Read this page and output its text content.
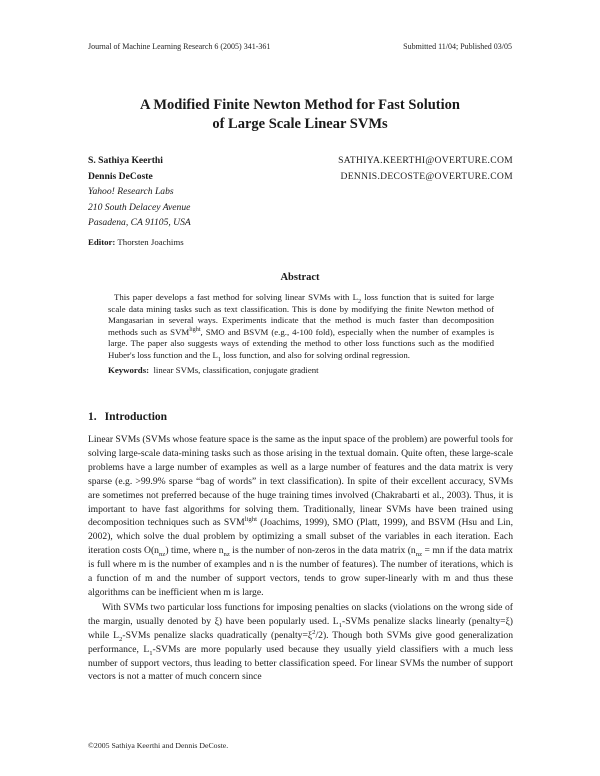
Journal of Machine Learning Research 6 (2005) 341-361	Submitted 11/04; Published 03/05
A Modified Finite Newton Method for Fast Solution
of Large Scale Linear SVMs
S. Sathiya Keerthi	SATHIYA.KEERTHI@OVERTURE.COM
Dennis DeCoste	DENNIS.DECOSTE@OVERTURE.COM
Yahoo! Research Labs
210 South Delacey Avenue
Pasadena, CA 91105, USA
Editor: Thorsten Joachims
Abstract

This paper develops a fast method for solving linear SVMs with $L_2$ loss function that is suited for large scale data mining tasks such as text classification. This is done by modifying the finite Newton method of Mangasarian in several ways. Experiments indicate that the method is much faster than decomposition methods such as $SVM^{light}$, SMO and BSVM (e.g., 4-100 fold), especially when the number of examples is large. The paper also suggests ways of extending the method to other loss functions such as the modified Huber's loss function and the $L_1$ loss function, and also for solving ordinal regression.

Keywords: linear SVMs, classification, conjugate gradient

1. Introduction

Linear SVMs (SVMs whose feature space is the same as the input space of the problem) are powerful tools for solving large-scale data-mining tasks such as those arising in the textual domain. Quite often, these large-scale problems have a large number of examples as well as a large number of features and the data matrix is very sparse (e.g. >99.9% sparse “bag of words” in text classification). In spite of their excellent accuracy, SVMs are sometimes not preferred because of the huge training times involved (Chakrabarti et al., 2003). Thus, it is important to have fast algorithms for solving them. Traditionally, linear SVMs have been trained using decomposition techniques such as $SVM^{light}$ (Joachims, 1999), SMO (Platt, 1999), and BSVM (Hsu and Lin, 2002), which solve the dual problem by optimizing a small subset of the variables in each iteration. Each iteration costs $O(n_{nz})$ time, where $n_{nz}$ is the number of non-zeros in the data matrix ($n_{nz}$ = mn if the data matrix is full where m is the number of examples and n is the number of features). The number of iterations, which is a function of m and the number of support vectors, tends to grow super-linearly with m and thus these algorithms can be inefficient when m is large.

With SVMs two particular loss functions for imposing penalties on slacks (violations on the wrong side of the margin, usually denoted by ξ) have been popularly used. $L_1$-SVMs penalize slacks linearly (penalty=ξ) while $L_2$-SVMs penalize slacks quadratically $(penalty=\xi^2/2)$. Though both SVMs give good generalization performance, $L_1$-SVMs are more popularly used because they usually yield classifiers with a much less number of support vectors, thus leading to better classification speed. For linear SVMs the number of support vectors is not a matter of much concern since

©2005 Sathiya Keerthi and Dennis DeCoste.
